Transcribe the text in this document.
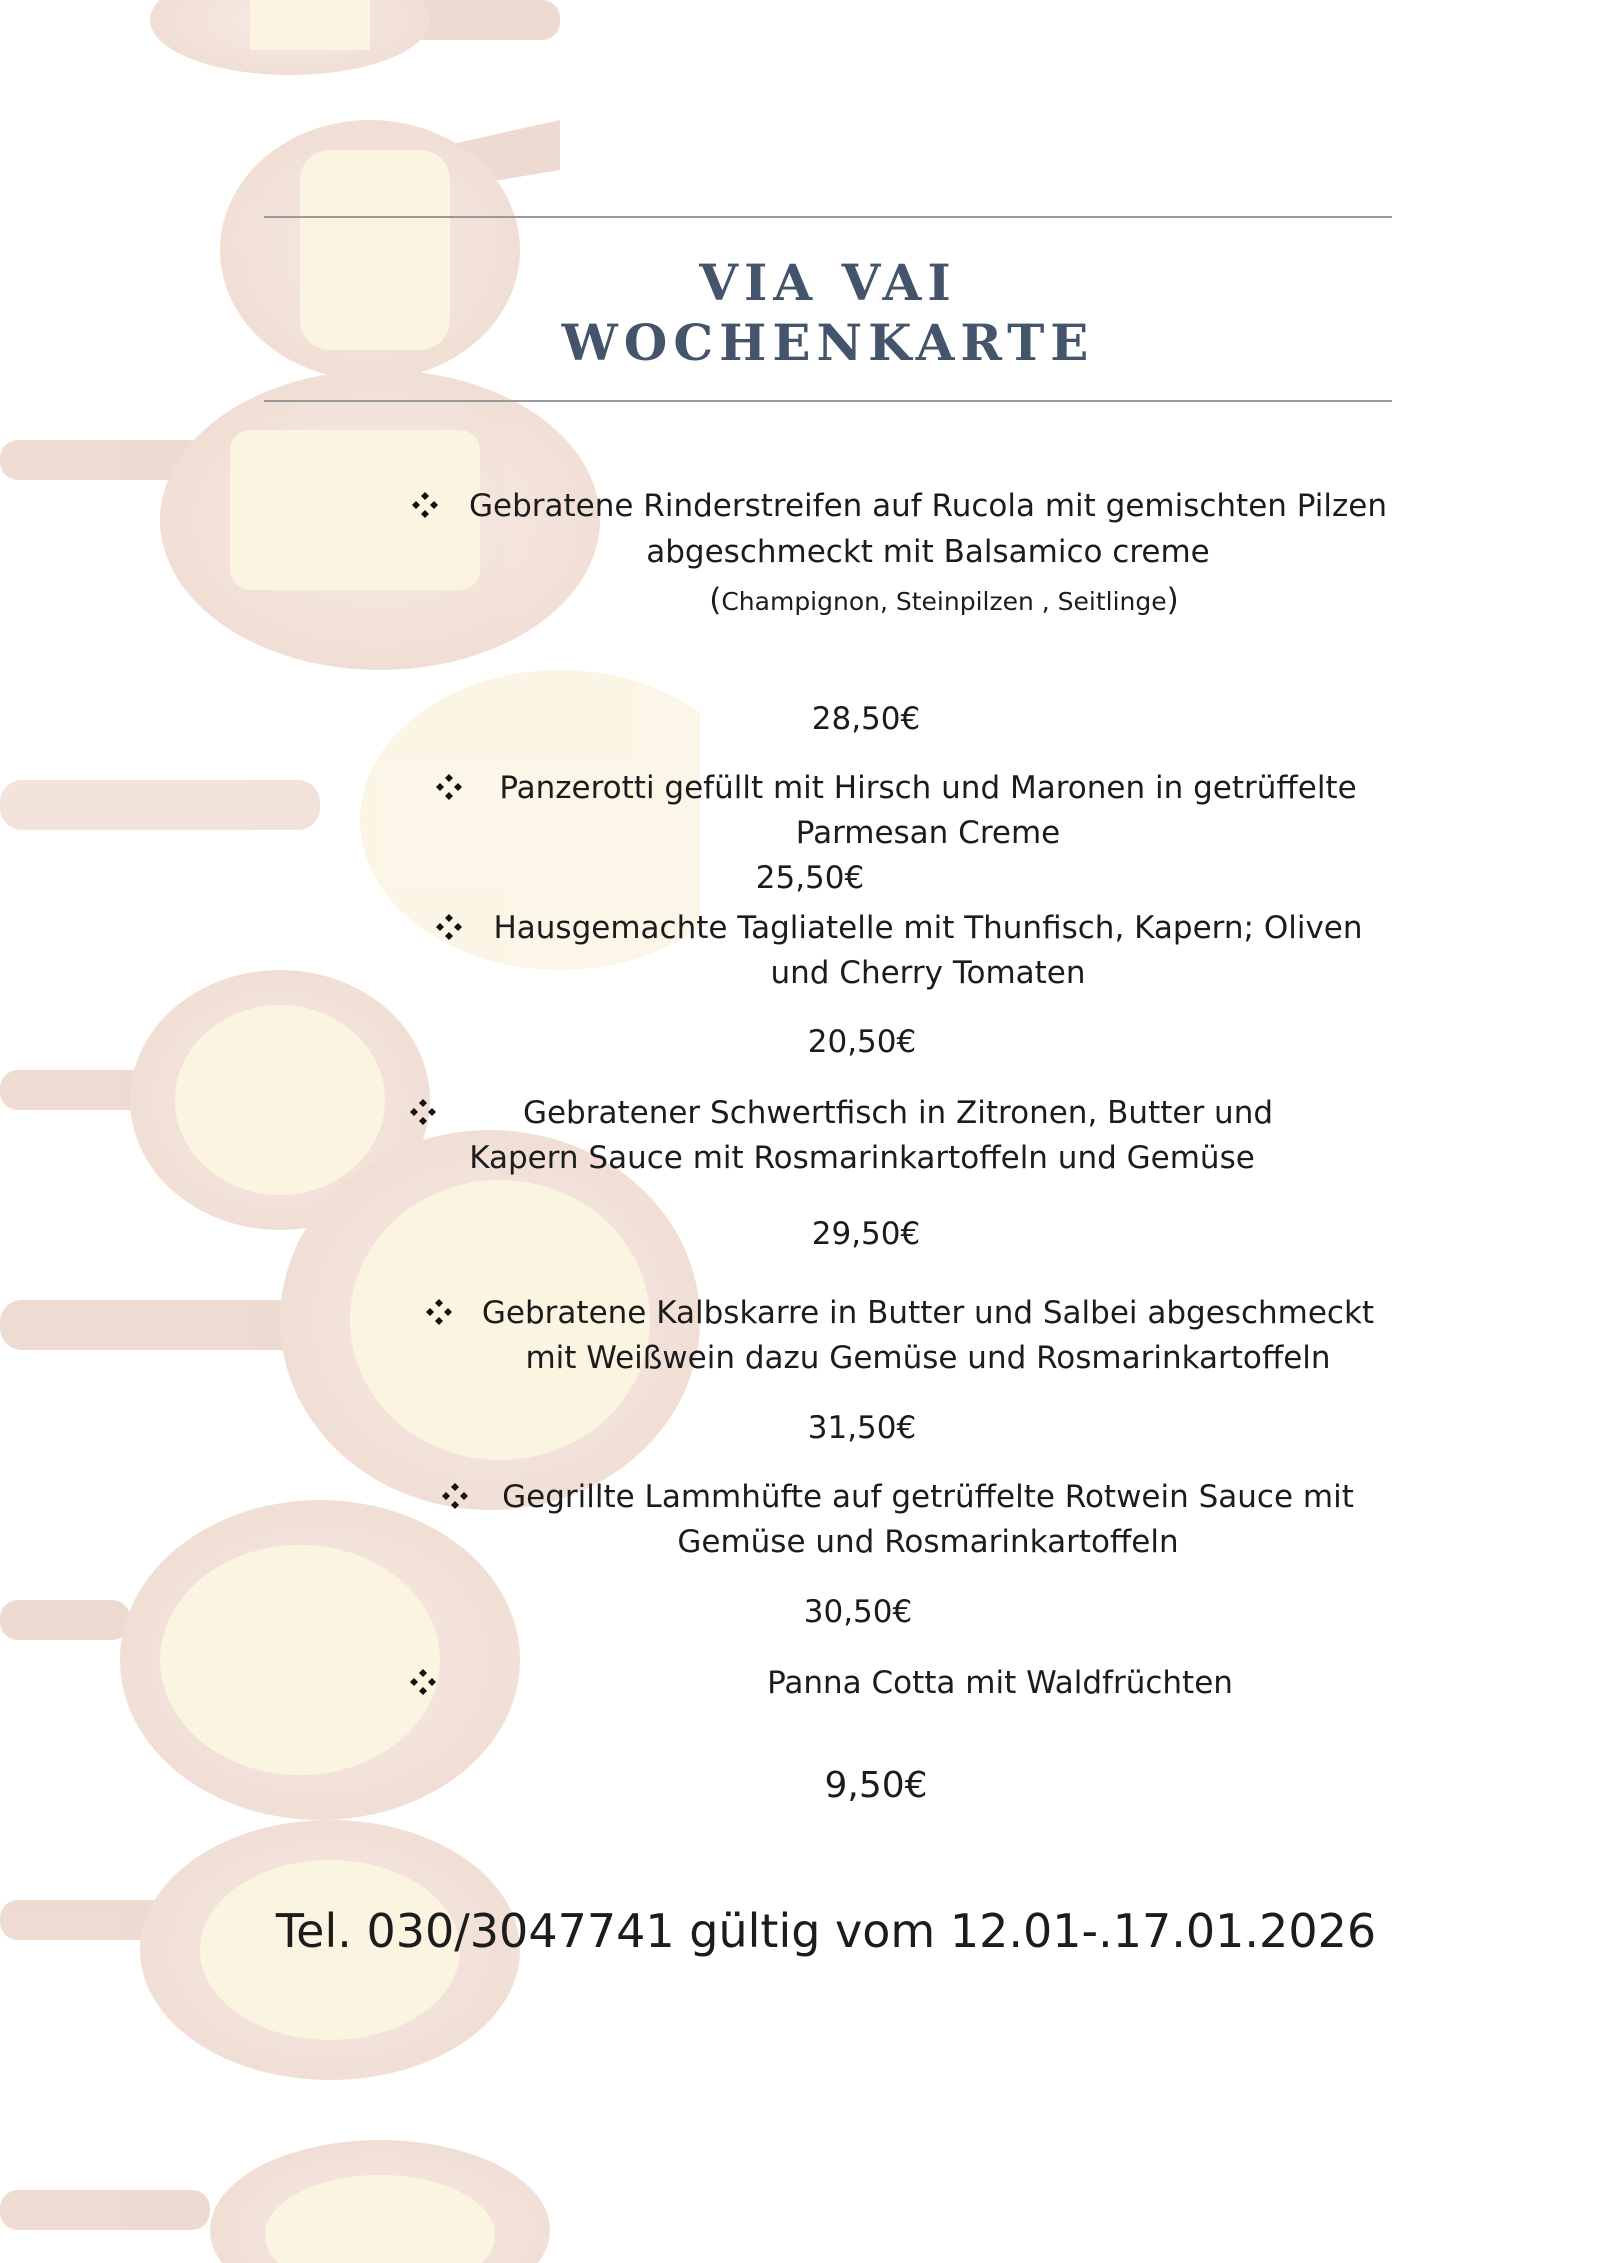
VIA VAI
WOCHENKARTE
Gebratene Rinderstreifen auf Rucola mit gemischten Pilzen
abgeschmeckt mit Balsamico creme
(Champignon, Steinpilzen , Seitlinge)
28,50€
Panzerotti gefüllt mit Hirsch und Maronen in getrüffelte
Parmesan Creme
25,50€
Hausgemachte Tagliatelle mit Thunfisch, Kapern; Oliven
und Cherry Tomaten
20,50€
Gebratener Schwertfisch in Zitronen, Butter und
Kapern Sauce mit Rosmarinkartoffeln und Gemüse
29,50€
Gebratene Kalbskarre in Butter und Salbei abgeschmeckt
mit Weißwein dazu Gemüse und Rosmarinkartoffeln
31,50€
Gegrillte Lammhüfte auf getrüffelte Rotwein Sauce mit
Gemüse und Rosmarinkartoffeln
30,50€
Panna Cotta mit Waldfrüchten
9,50€
Tel. 030/3047741 gültig vom 12.01-.17.01.2026
